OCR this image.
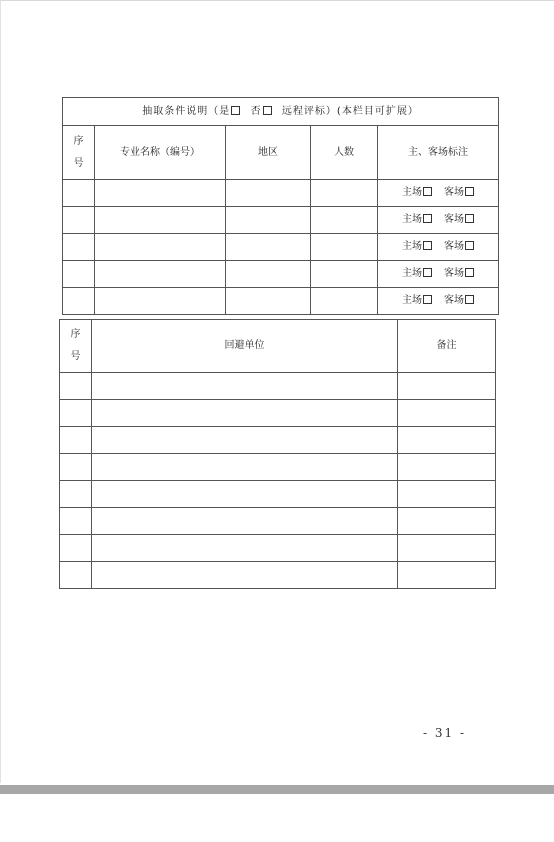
抽取条件说明（是 否 远程评标）(本栏目可扩展）				

序
号	专业名称（编号）	地区	人数	主、客场标注
				主场 客场
				主场 客场
				主场 客场
				主场 客场
				主场 客场
序
号	回避单位	备注

- 31 -
